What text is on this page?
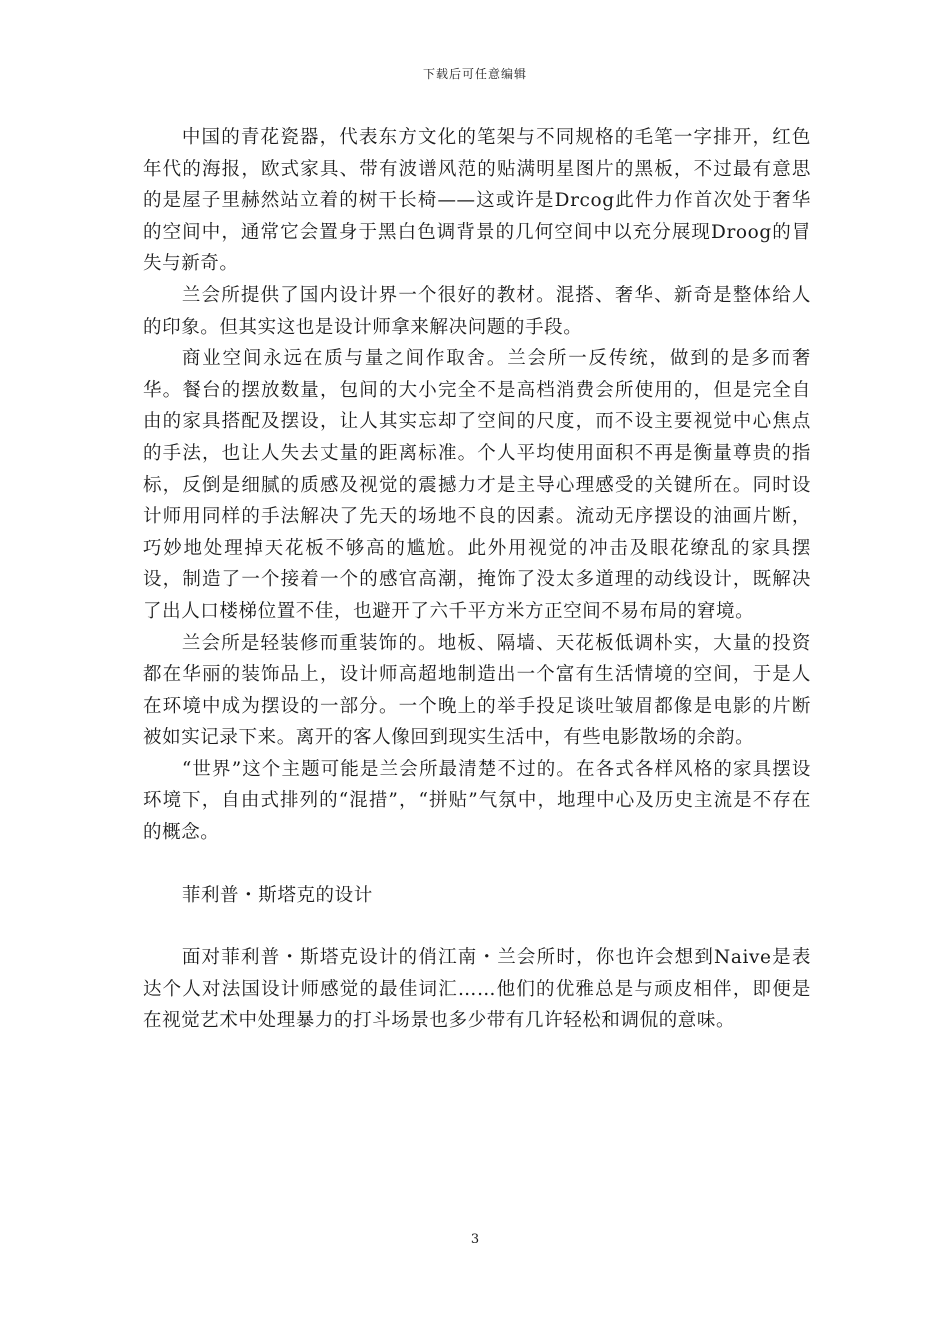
下载后可任意编辑

中国的青花瓷器，代表东方文化的笔架与不同规格的毛笔一字排开，红色年代的海报，欧式家具、带有波谱风范的贴满明星图片的黑板，不过最有意思的是屋子里赫然站立着的树干长椅——这或许是Drcog此件力作首次处于奢华的空间中，通常它会置身于黑白色调背景的几何空间中以充分展现Droog的冒失与新奇。

兰会所提供了国内设计界一个很好的教材。混搭、奢华、新奇是整体给人的印象。但其实这也是设计师拿来解决问题的手段。

商业空间永远在质与量之间作取舍。兰会所一反传统，做到的是多而奢华。餐台的摆放数量，包间的大小完全不是高档消费会所使用的，但是完全自由的家具搭配及摆设，让人其实忘却了空间的尺度，而不设主要视觉中心焦点的手法，也让人失去丈量的距离标准。个人平均使用面积不再是衡量尊贵的指标，反倒是细腻的质感及视觉的震撼力才是主导心理感受的关键所在。同时设计师用同样的手法解决了先天的场地不良的因素。流动无序摆设的油画片断，巧妙地处理掉天花板不够高的尴尬。此外用视觉的冲击及眼花缭乱的家具摆设，制造了一个接着一个的感官高潮，掩饰了没太多道理的动线设计，既解决了出人口楼梯位置不佳，也避开了六千平方米方正空间不易布局的窘境。

兰会所是轻装修而重装饰的。地板、隔墙、天花板低调朴实，大量的投资都在华丽的装饰品上，设计师高超地制造出一个富有生活情境的空间，于是人在环境中成为摆设的一部分。一个晚上的举手投足谈吐皱眉都像是电影的片断被如实记录下来。离开的客人像回到现实生活中，有些电影散场的余韵。

“世界”这个主题可能是兰会所最清楚不过的。在各式各样风格的家具摆设环境下，自由式排列的“混措”，“拼贴”气氛中，地理中心及历史主流是不存在的概念。

菲利普・斯塔克的设计

面对菲利普・斯塔克设计的俏江南・兰会所时，你也许会想到Naive是表达个人对法国设计师感觉的最佳词汇……他们的优雅总是与顽皮相伴，即便是在视觉艺术中处理暴力的打斗场景也多少带有几许轻松和调侃的意味。

3
